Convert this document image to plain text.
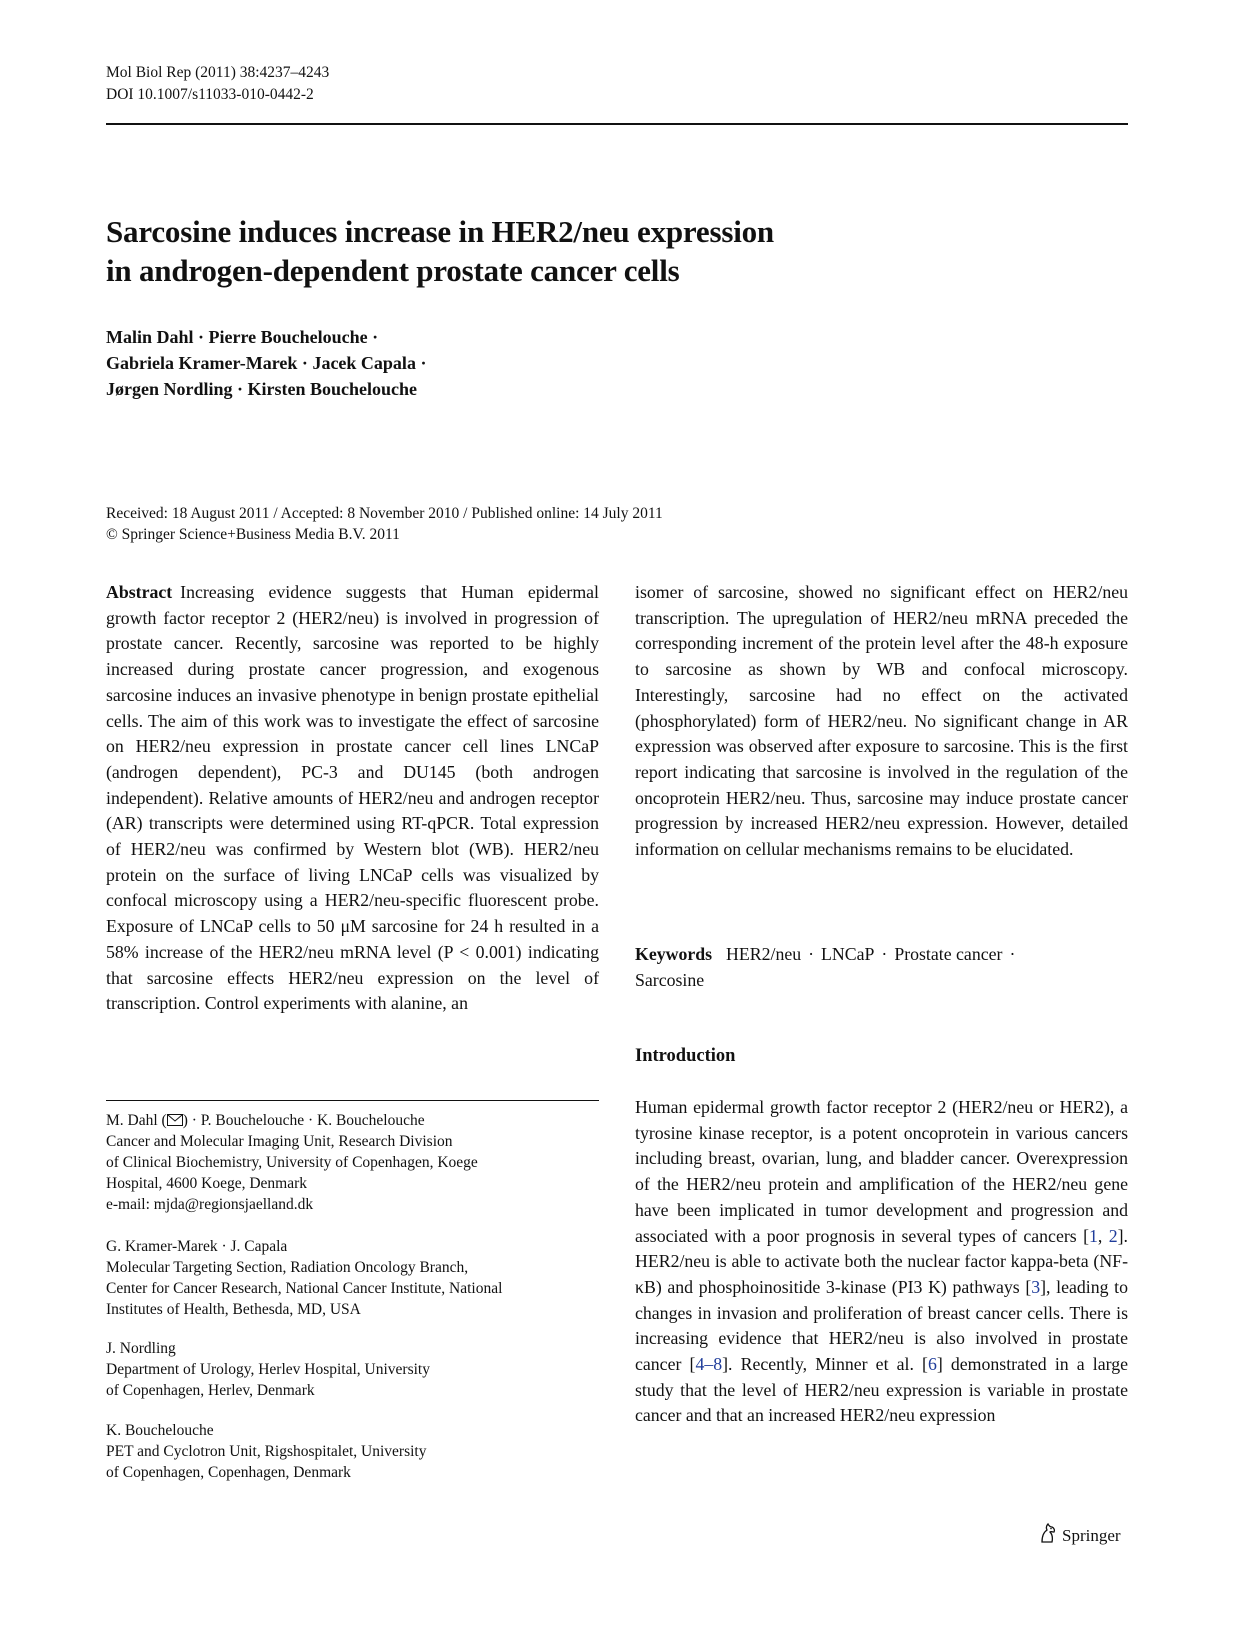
Mol Biol Rep (2011) 38:4237–4243
DOI 10.1007/s11033-010-0442-2
Sarcosine induces increase in HER2/neu expression
in androgen-dependent prostate cancer cells
Malin Dahl · Pierre Bouchelouche ·
Gabriela Kramer-Marek · Jacek Capala ·
Jørgen Nordling · Kirsten Bouchelouche
Received: 18 August 2011 / Accepted: 8 November 2010 / Published online: 14 July 2011
© Springer Science+Business Media B.V. 2011
Abstract Increasing evidence suggests that Human epidermal growth factor receptor 2 (HER2/neu) is involved in progression of prostate cancer. Recently, sarcosine was reported to be highly increased during prostate cancer progression, and exogenous sarcosine induces an invasive phenotype in benign prostate epithelial cells. The aim of this work was to investigate the effect of sarcosine on HER2/neu expression in prostate cancer cell lines LNCaP (androgen dependent), PC-3 and DU145 (both androgen independent). Relative amounts of HER2/neu and androgen receptor (AR) transcripts were determined using RT-qPCR. Total expression of HER2/neu was confirmed by Western blot (WB). HER2/neu protein on the surface of living LNCaP cells was visualized by confocal microscopy using a HER2/neu-specific fluorescent probe. Exposure of LNCaP cells to 50 μM sarcosine for 24 h resulted in a 58% increase of the HER2/neu mRNA level (P < 0.001) indicating that sarcosine effects HER2/neu expression on the level of transcription. Control experiments with alanine, an
isomer of sarcosine, showed no significant effect on HER2/neu transcription. The upregulation of HER2/neu mRNA preceded the corresponding increment of the protein level after the 48-h exposure to sarcosine as shown by WB and confocal microscopy. Interestingly, sarcosine had no effect on the activated (phosphorylated) form of HER2/neu. No significant change in AR expression was observed after exposure to sarcosine. This is the first report indicating that sarcosine is involved in the regulation of the oncoprotein HER2/neu. Thus, sarcosine may induce prostate cancer progression by increased HER2/neu expression. However, detailed information on cellular mechanisms remains to be elucidated.
Keywords HER2/neu · LNCaP · Prostate cancer ·
Sarcosine
Introduction
Human epidermal growth factor receptor 2 (HER2/neu or HER2), a tyrosine kinase receptor, is a potent oncoprotein in various cancers including breast, ovarian, lung, and bladder cancer. Overexpression of the HER2/neu protein and amplification of the HER2/neu gene have been implicated in tumor development and progression and associated with a poor prognosis in several types of cancers [1, 2]. HER2/neu is able to activate both the nuclear factor kappa-beta (NF-κB) and phosphoinositide 3-kinase (PI3 K) pathways [3], leading to changes in invasion and proliferation of breast cancer cells. There is increasing evidence that HER2/neu is also involved in prostate cancer [4–8]. Recently, Minner et al. [6] demonstrated in a large study that the level of HER2/neu expression is variable in prostate cancer and that an increased HER2/neu expression
M. Dahl ( ) · P. Bouchelouche · K. Bouchelouche
Cancer and Molecular Imaging Unit, Research Division
of Clinical Biochemistry, University of Copenhagen, Koege
Hospital, 4600 Koege, Denmark
e-mail: mjda@regionsjaelland.dk
G. Kramer-Marek · J. Capala
Molecular Targeting Section, Radiation Oncology Branch,
Center for Cancer Research, National Cancer Institute, National
Institutes of Health, Bethesda, MD, USA
J. Nordling
Department of Urology, Herlev Hospital, University
of Copenhagen, Herlev, Denmark
K. Bouchelouche
PET and Cyclotron Unit, Rigshospitalet, University
of Copenhagen, Copenhagen, Denmark
Springer
